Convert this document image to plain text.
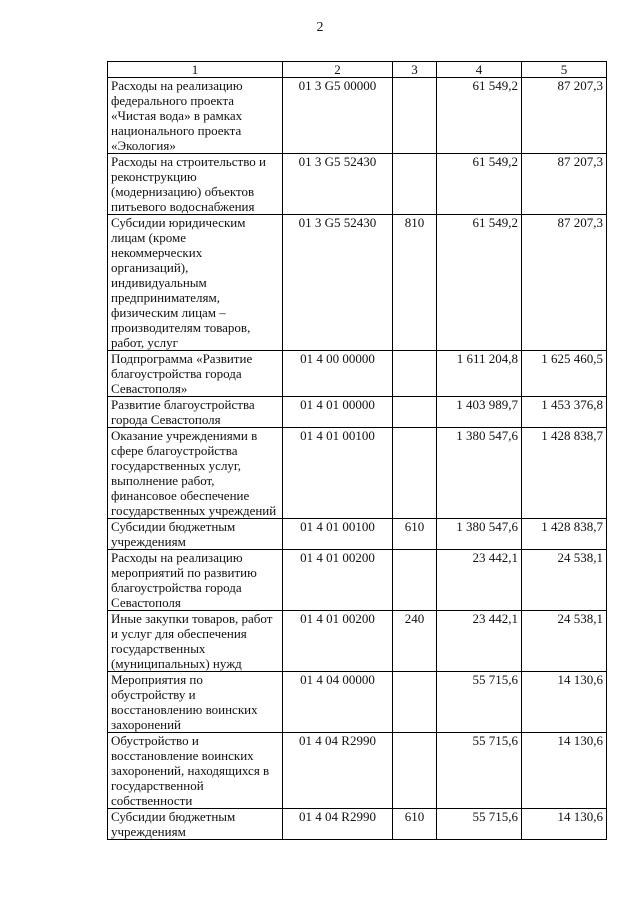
2
1	2	3	4	5
Расходы на реализацию федерального проекта «Чистая вода» в рамках национального проекта «Экология»	01 3 G5 00000		61 549,2	87 207,3
Расходы на строительство и реконструкцию (модернизацию) объектов питьевого водоснабжения	01 3 G5 52430		61 549,2	87 207,3
Субсидии юридическим лицам (кроме некоммерческих организаций), индивидуальным предпринимателям, физическим лицам – производителям товаров, работ, услуг	01 3 G5 52430	810	61 549,2	87 207,3
Подпрограмма «Развитие благоустройства города Севастополя»	01 4 00 00000		1 611 204,8	1 625 460,5
Развитие благоустройства города Севастополя	01 4 01 00000		1 403 989,7	1 453 376,8
Оказание учреждениями в сфере благоустройства государственных услуг, выполнение работ, финансовое обеспечение государственных учреждений	01 4 01 00100		1 380 547,6	1 428 838,7
Субсидии бюджетным учреждениям	01 4 01 00100	610	1 380 547,6	1 428 838,7
Расходы на реализацию мероприятий по развитию благоустройства города Севастополя	01 4 01 00200		23 442,1	24 538,1
Иные закупки товаров, работ и услуг для обеспечения государственных (муниципальных) нужд	01 4 01 00200	240	23 442,1	24 538,1
Мероприятия по обустройству и восстановлению воинских захоронений	01 4 04 00000		55 715,6	14 130,6
Обустройство и восстановление воинских захоронений, находящихся в государственной собственности	01 4 04 R2990		55 715,6	14 130,6
Субсидии бюджетным учреждениям	01 4 04 R2990	610	55 715,6	14 130,6
